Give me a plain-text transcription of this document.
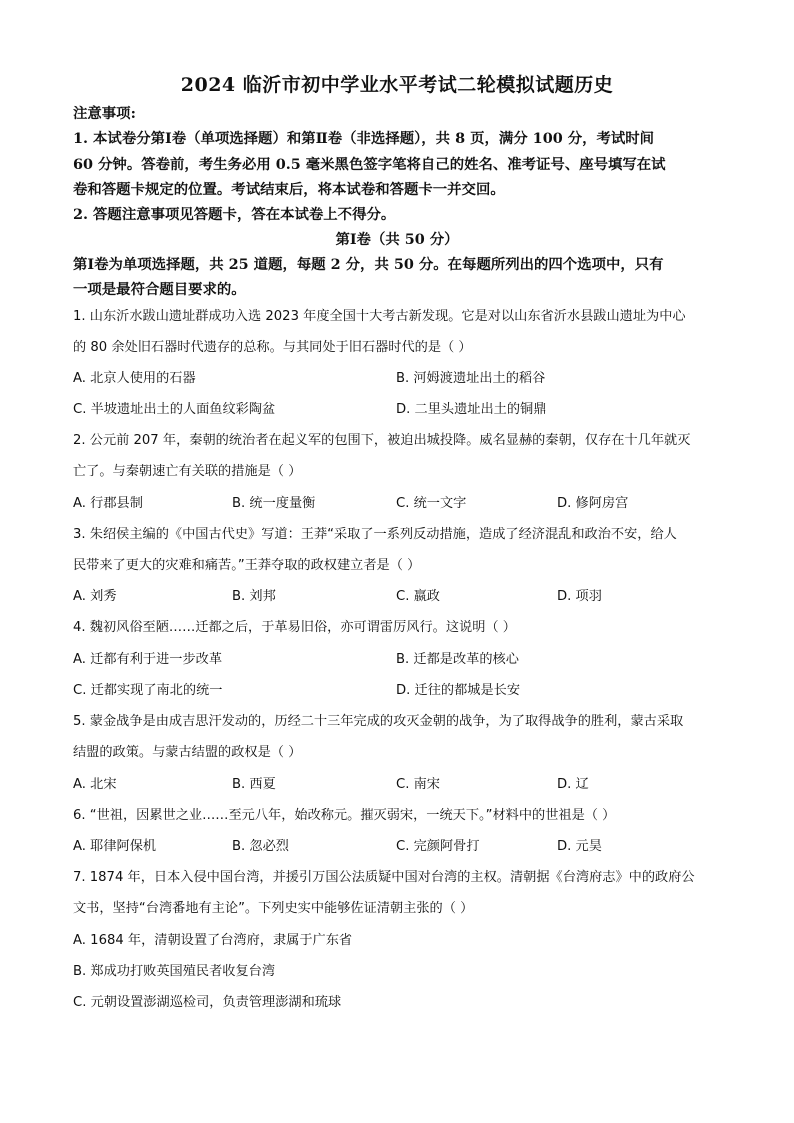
2024 临沂市初中学业水平考试二轮模拟试题历史
注意事项:
1. 本试卷分第Ⅰ卷（单项选择题）和第Ⅱ卷（非选择题），共 8 页，满分 100 分，考试时间
60 分钟。答卷前，考生务必用 0.5 毫米黑色签字笔将自己的姓名、准考证号、座号填写在试
卷和答题卡规定的位置。考试结束后，将本试卷和答题卡一并交回。
2. 答题注意事项见答题卡，答在本试卷上不得分。
第Ⅰ卷（共 50 分）
第Ⅰ卷为单项选择题，共 25 道题，每题 2 分，共 50 分。在每题所列出的四个选项中，只有
一项是最符合题目要求的。
1. 山东沂水跋山遗址群成功入选 2023 年度全国十大考古新发现。它是对以山东省沂水县跋山遗址为中心
的 80 余处旧石器时代遗存的总称。与其同处于旧石器时代的是（ ）
A. 北京人使用的石器	B. 河姆渡遗址出土的稻谷
C. 半坡遗址出土的人面鱼纹彩陶盆	D. 二里头遗址出土的铜鼎
2. 公元前 207 年，秦朝的统治者在起义军的包围下，被迫出城投降。威名显赫的秦朝，仅存在十几年就灭
亡了。与秦朝速亡有关联的措施是（ ）
A. 行郡县制	B. 统一度量衡	C. 统一文字	D. 修阿房宫
3. 朱绍侯主编的《中国古代史》写道：王莽“采取了一系列反动措施，造成了经济混乱和政治不安，给人
民带来了更大的灾难和痛苦。”王莽夺取的政权建立者是（ ）
A. 刘秀	B. 刘邦	C. 嬴政	D. 项羽
4. 魏初风俗至陋……迁都之后，于革易旧俗，亦可谓雷厉风行。这说明（ ）
A. 迁都有利于进一步改革	B. 迁都是改革的核心
C. 迁都实现了南北的统一	D. 迁往的都城是长安
5. 蒙金战争是由成吉思汗发动的，历经二十三年完成的攻灭金朝的战争，为了取得战争的胜利，蒙古采取
结盟的政策。与蒙古结盟的政权是（ ）
A. 北宋	B. 西夏	C. 南宋	D. 辽
6. “世祖，因累世之业……至元八年，始改称元。摧灭弱宋，一统天下。”材料中的世祖是（ ）
A. 耶律阿保机	B. 忽必烈	C. 完颜阿骨打	D. 元昊
7. 1874 年，日本入侵中国台湾，并援引万国公法质疑中国对台湾的主权。清朝据《台湾府志》中的政府公
文书，坚持“台湾番地有主论”。下列史实中能够佐证清朝主张的（ ）
A. 1684 年，清朝设置了台湾府，隶属于广东省
B. 郑成功打败英国殖民者收复台湾
C. 元朝设置澎湖巡检司，负责管理澎湖和琉球
